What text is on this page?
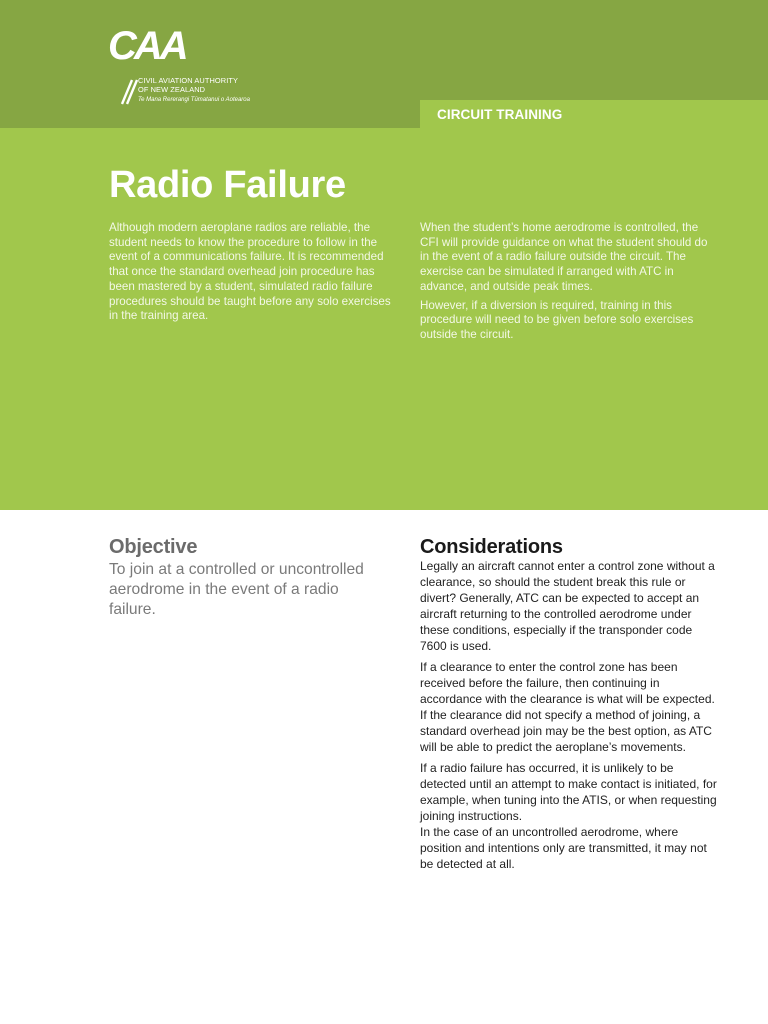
CAA
CIVIL AVIATION AUTHORITY
OF NEW ZEALAND
Te Mana Rererangi Tūmatanui o Aotearoa
CIRCUIT TRAINING
Radio Failure

Although modern aeroplane radios are reliable, the student needs to know the procedure to follow in the event of a communications failure. It is recommended that once the standard overhead join procedure has been mastered by a student, simulated radio failure procedures should be taught before any solo exercises in the training area.

When the student’s home aerodrome is controlled, the CFI will provide guidance on what the student should do in the event of a radio failure outside the circuit. The exercise can be simulated if arranged with ATC in advance, and outside peak times.

However, if a diversion is required, training in this procedure will need to be given before solo exercises outside the circuit.

Objective

To join at a controlled or uncontrolled aerodrome in the event of a radio failure.

Considerations

Legally an aircraft cannot enter a control zone without a clearance, so should the student break this rule or divert? Generally, ATC can be expected to accept an aircraft returning to the controlled aerodrome under these conditions, especially if the transponder code 7600 is used.

If a clearance to enter the control zone has been received before the failure, then continuing in accordance with the clearance is what will be expected. If the clearance did not specify a method of joining, a standard overhead join may be the best option, as ATC will be able to predict the aeroplane’s movements.

If a radio failure has occurred, it is unlikely to be detected until an attempt to make contact is initiated, for example, when tuning into the ATIS, or when requesting joining instructions.

In the case of an uncontrolled aerodrome, where position and intentions only are transmitted, it may not be detected at all.
